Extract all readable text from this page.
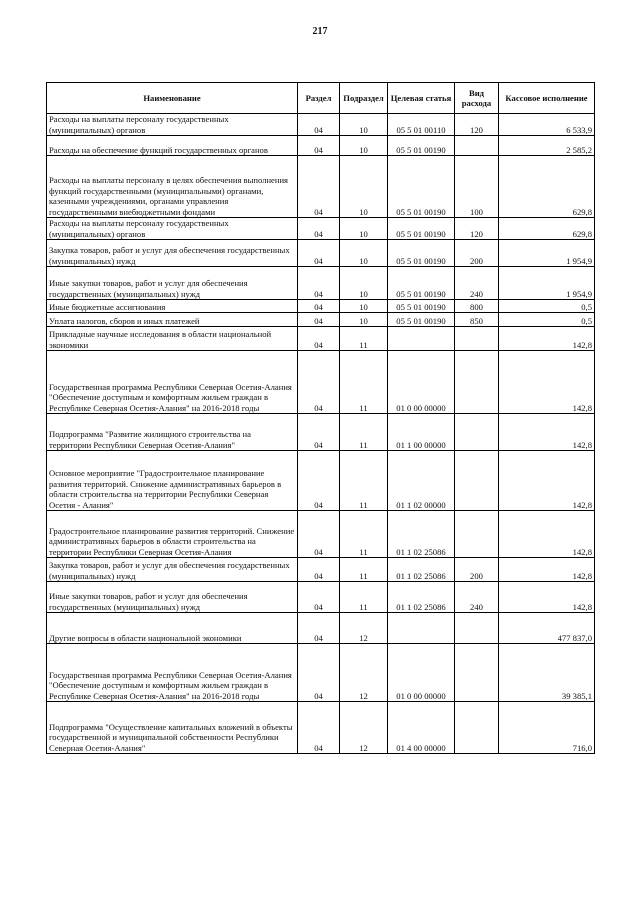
217
Наименование	Раздел	Подраздел	Целевая статья	Вид расхода	Кассовое исполнение
Расходы на выплаты персоналу государственных (муниципальных) органов	04	10	05 5 01 00110	120	6 533,9
Расходы на обеспечение функций государственных органов	04	10	05 5 01 00190		2 585,2
Расходы на выплаты персоналу в целях обеспечения выполнения функций государственными (муниципальными) органами, казенными учреждениями, органами управления государственными внебюджетными фондами	04	10	05 5 01 00190	100	629,8
Расходы на выплаты персоналу государственных (муниципальных) органов	04	10	05 5 01 00190	120	629,8
Закупка товаров, работ и услуг для обеспечения государственных (муниципальных) нужд	04	10	05 5 01 00190	200	1 954,9
Иные закупки товаров, работ и услуг для обеспечения государственных (муниципальных) нужд	04	10	05 5 01 00190	240	1 954,9
Иные бюджетные ассигнования	04	10	05 5 01 00190	800	0,5
Уплата налогов, сборов и иных платежей	04	10	05 5 01 00190	850	0,5
Прикладные научные исследования в области национальной экономики	04	11			142,8
Государственная программа Республики Северная Осетия-Алания "Обеспечение доступным и комфортным жильем граждан в Республике Северная Осетия-Алания" на 2016-2018 годы	04	11	01 0 00 00000		142,8
Подпрограмма "Развитие жилищного строительства на территории Республики Северная Осетия-Алания"	04	11	01 1 00 00000		142,8
Основное мероприятие "Градостроительное планирование развития территорий. Снижение административных барьеров в области строительства на территории Республики Северная Осетия - Алания"	04	11	01 1 02 00000		142,8
Градостроительное планирование развития территорий. Снижение административных барьеров в области строительства на территории Республики Северная Осетия-Алания	04	11	01 1 02 25086		142,8
Закупка товаров, работ и услуг для обеспечения государственных (муниципальных) нужд	04	11	01 1 02 25086	200	142,8
Иные закупки товаров, работ и услуг для обеспечения государственных (муниципальных) нужд	04	11	01 1 02 25086	240	142,8
Другие вопросы в области национальной экономики	04	12			477 837,0
Государственная программа Республики Северная Осетия-Алания "Обеспечение доступным и комфортным жильем граждан в Республике Северная Осетия-Алания" на 2016-2018 годы	04	12	01 0 00 00000		39 385,1
Подпрограмма "Осуществление капитальных вложений в объекты государственной и муниципальной собственности Республики Северная Осетия-Алания"	04	12	01 4 00 00000		716,0
